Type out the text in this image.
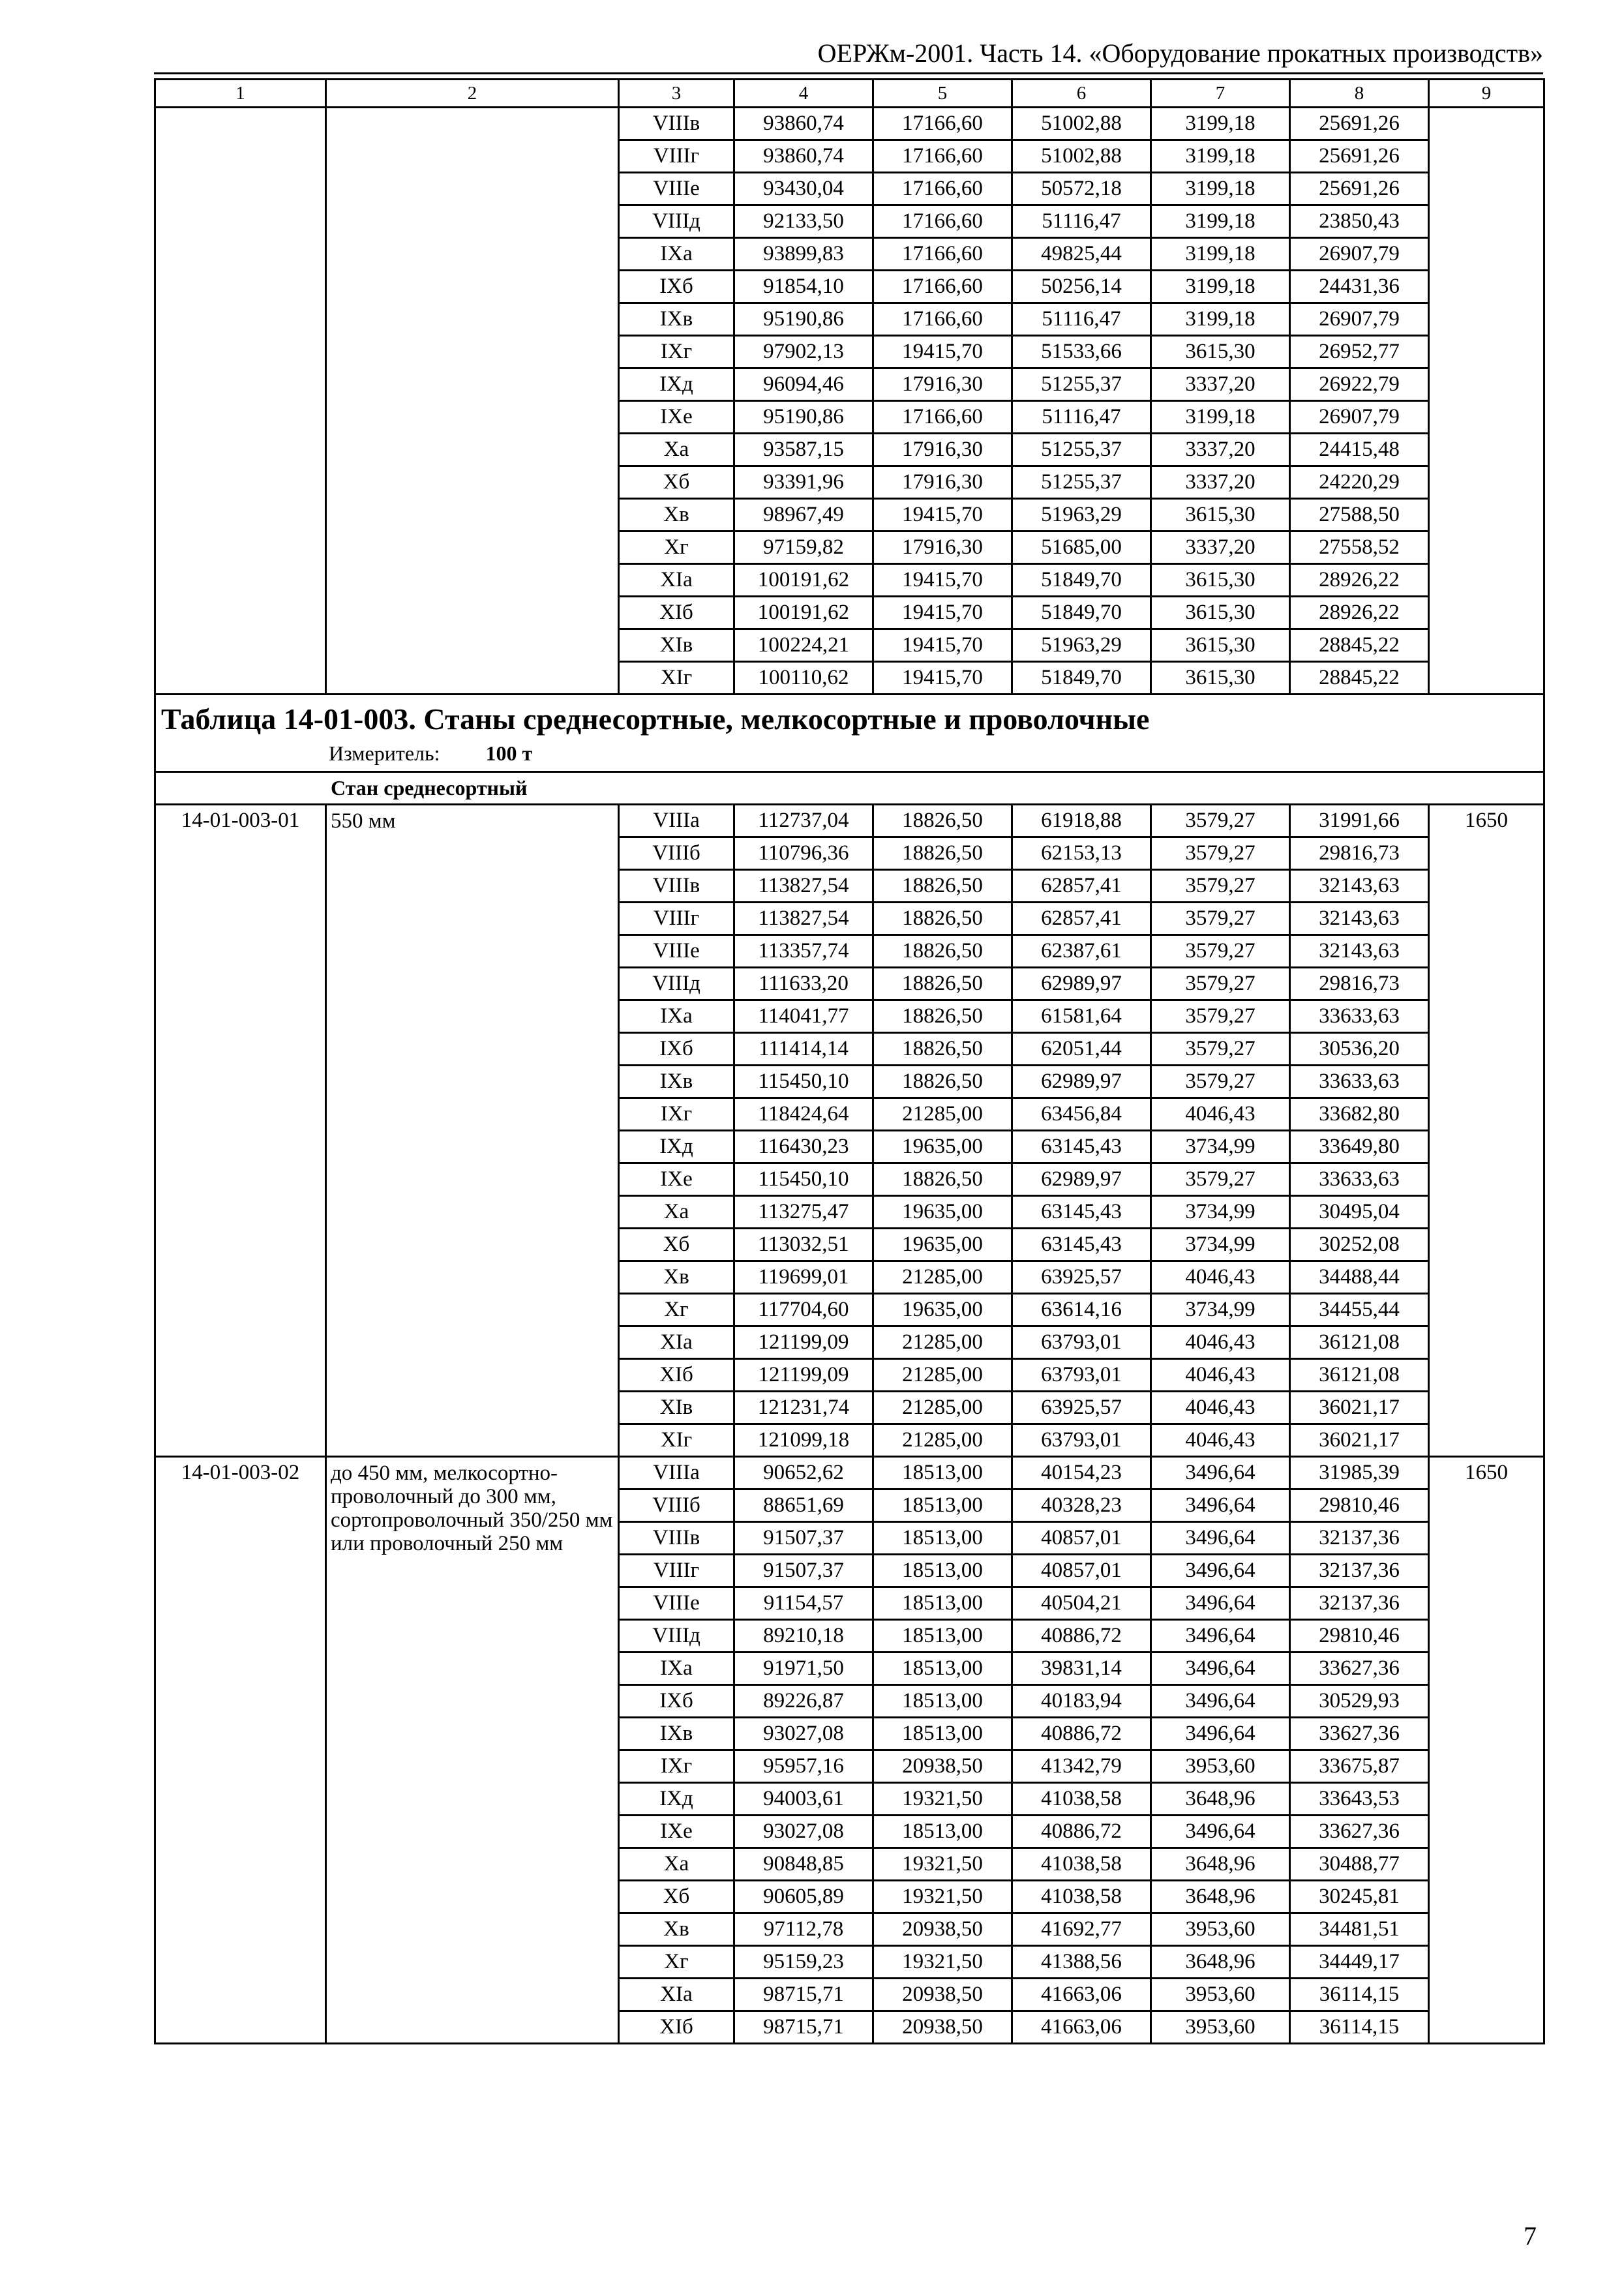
ОЕРЖм-2001. Часть 14. «Оборудование прокатных производств»
1	2	3	4	5	6	7	8	9
		VIIIв	93860,74	17166,60	51002,88	3199,18	25691,26	
		VIIIг	93860,74	17166,60	51002,88	3199,18	25691,26	
		VIIIе	93430,04	17166,60	50572,18	3199,18	25691,26	
		VIIIд	92133,50	17166,60	51116,47	3199,18	23850,43	
		IXа	93899,83	17166,60	49825,44	3199,18	26907,79	
		IXб	91854,10	17166,60	50256,14	3199,18	24431,36	
		IXв	95190,86	17166,60	51116,47	3199,18	26907,79	
		IXг	97902,13	19415,70	51533,66	3615,30	26952,77	
		IXд	96094,46	17916,30	51255,37	3337,20	26922,79	
		IXе	95190,86	17166,60	51116,47	3199,18	26907,79	
		Xа	93587,15	17916,30	51255,37	3337,20	24415,48	
		Xб	93391,96	17916,30	51255,37	3337,20	24220,29	
		Xв	98967,49	19415,70	51963,29	3615,30	27588,50	
		Xг	97159,82	17916,30	51685,00	3337,20	27558,52	
		XIа	100191,62	19415,70	51849,70	3615,30	28926,22	
		XIб	100191,62	19415,70	51849,70	3615,30	28926,22	
		XIв	100224,21	19415,70	51963,29	3615,30	28845,22	
		XIг	100110,62	19415,70	51849,70	3615,30	28845,22	

Таблица 14-01-003. Станы среднесортные, мелкосортные и проволочные
Измеритель: 100 т								

Стан среднесортный								
14-01-003-01	550 мм	VIIIа	112737,04	18826,50	61918,88	3579,27	31991,66	1650
		VIIIб	110796,36	18826,50	62153,13	3579,27	29816,73	
		VIIIв	113827,54	18826,50	62857,41	3579,27	32143,63	
		VIIIг	113827,54	18826,50	62857,41	3579,27	32143,63	
		VIIIе	113357,74	18826,50	62387,61	3579,27	32143,63	
		VIIIд	111633,20	18826,50	62989,97	3579,27	29816,73	
		IXа	114041,77	18826,50	61581,64	3579,27	33633,63	
		IXб	111414,14	18826,50	62051,44	3579,27	30536,20	
		IXв	115450,10	18826,50	62989,97	3579,27	33633,63	
		IXг	118424,64	21285,00	63456,84	4046,43	33682,80	
		IXд	116430,23	19635,00	63145,43	3734,99	33649,80	
		IXе	115450,10	18826,50	62989,97	3579,27	33633,63	
		Xа	113275,47	19635,00	63145,43	3734,99	30495,04	
		Xб	113032,51	19635,00	63145,43	3734,99	30252,08	
		Xв	119699,01	21285,00	63925,57	4046,43	34488,44	
		Xг	117704,60	19635,00	63614,16	3734,99	34455,44	
		XIа	121199,09	21285,00	63793,01	4046,43	36121,08	
		XIб	121199,09	21285,00	63793,01	4046,43	36121,08	
		XIв	121231,74	21285,00	63925,57	4046,43	36021,17	
		XIг	121099,18	21285,00	63793,01	4046,43	36021,17	
14-01-003-02	до 450 мм, мелкосортно-проволочный до 300 мм, сортопроволочный 350/250 мм или проволочный 250 мм	VIIIа	90652,62	18513,00	40154,23	3496,64	31985,39	1650
		VIIIб	88651,69	18513,00	40328,23	3496,64	29810,46	
		VIIIв	91507,37	18513,00	40857,01	3496,64	32137,36	
		VIIIг	91507,37	18513,00	40857,01	3496,64	32137,36	
		VIIIе	91154,57	18513,00	40504,21	3496,64	32137,36	
		VIIIд	89210,18	18513,00	40886,72	3496,64	29810,46	
		IXа	91971,50	18513,00	39831,14	3496,64	33627,36	
		IXб	89226,87	18513,00	40183,94	3496,64	30529,93	
		IXв	93027,08	18513,00	40886,72	3496,64	33627,36	
		IXг	95957,16	20938,50	41342,79	3953,60	33675,87	
		IXд	94003,61	19321,50	41038,58	3648,96	33643,53	
		IXе	93027,08	18513,00	40886,72	3496,64	33627,36	
		Xа	90848,85	19321,50	41038,58	3648,96	30488,77	
		Xб	90605,89	19321,50	41038,58	3648,96	30245,81	
		Xв	97112,78	20938,50	41692,77	3953,60	34481,51	
		Xг	95159,23	19321,50	41388,56	3648,96	34449,17	
		XIа	98715,71	20938,50	41663,06	3953,60	36114,15	
		XIб	98715,71	20938,50	41663,06	3953,60	36114,15	
7
